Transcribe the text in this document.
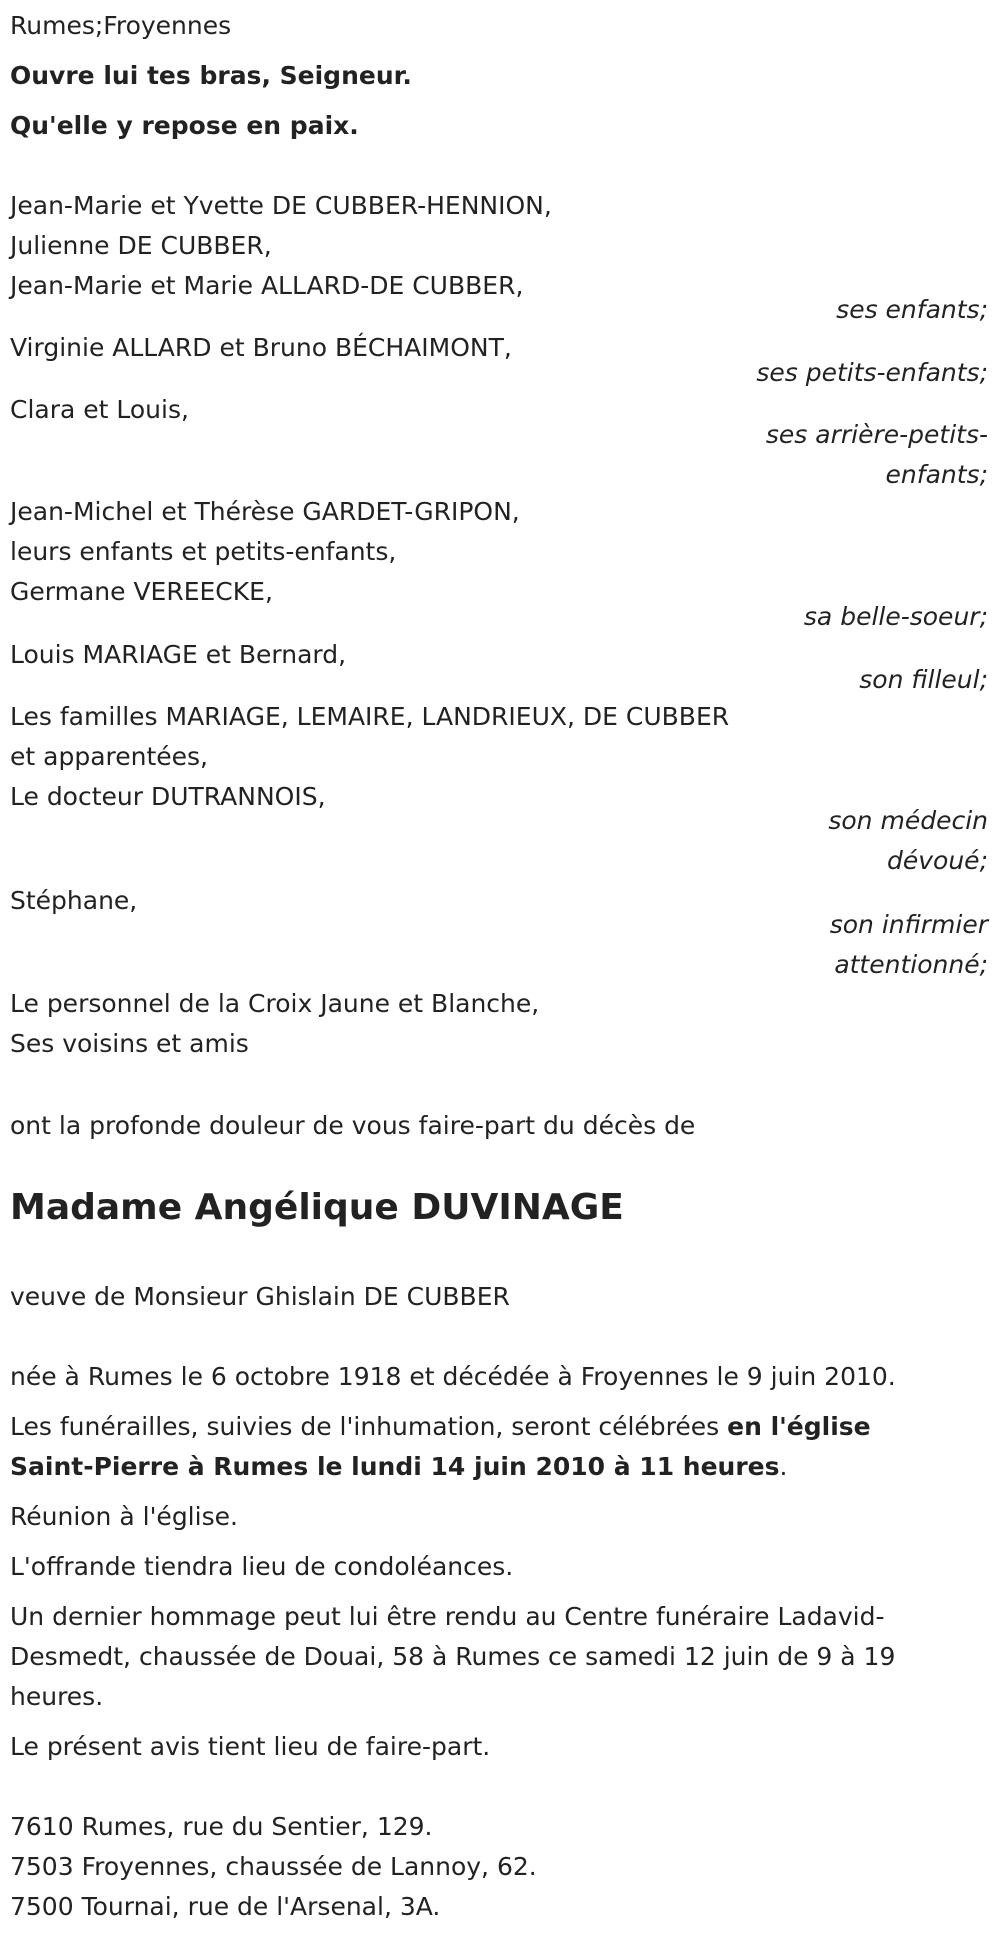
Rumes;Froyennes
Ouvre lui tes bras, Seigneur.
Qu'elle y repose en paix.
Jean-Marie et Yvette DE CUBBER-HENNION,
Julienne DE CUBBER,
Jean-Marie et Marie ALLARD-DE CUBBER,
ses enfants;
Virginie ALLARD et Bruno BÉCHAIMONT,
ses petits-enfants;
Clara et Louis,
ses arrière-petits-
enfants;
Jean-Michel et Thérèse GARDET-GRIPON,
leurs enfants et petits-enfants,
Germane VEREECKE,
sa belle-soeur;
Louis MARIAGE et Bernard,
son filleul;
Les familles MARIAGE, LEMAIRE, LANDRIEUX, DE CUBBER
et apparentées,
Le docteur DUTRANNOIS,
son médecin
dévoué;
Stéphane,
son infirmier
attentionné;
Le personnel de la Croix Jaune et Blanche,
Ses voisins et amis
ont la profonde douleur de vous faire-part du décès de
Madame Angélique DUVINAGE
veuve de Monsieur Ghislain DE CUBBER
née à Rumes le 6 octobre 1918 et décédée à Froyennes le 9 juin 2010.
Les funérailles, suivies de l'inhumation, seront célébrées en l'église
Saint-Pierre à Rumes le lundi 14 juin 2010 à 11 heures.
Réunion à l'église.
L'offrande tiendra lieu de condoléances.
Un dernier hommage peut lui être rendu au Centre funéraire Ladavid-
Desmedt, chaussée de Douai, 58 à Rumes ce samedi 12 juin de 9 à 19
heures.
Le présent avis tient lieu de faire-part.
7610 Rumes, rue du Sentier, 129.
7503 Froyennes, chaussée de Lannoy, 62.
7500 Tournai, rue de l'Arsenal, 3A.
